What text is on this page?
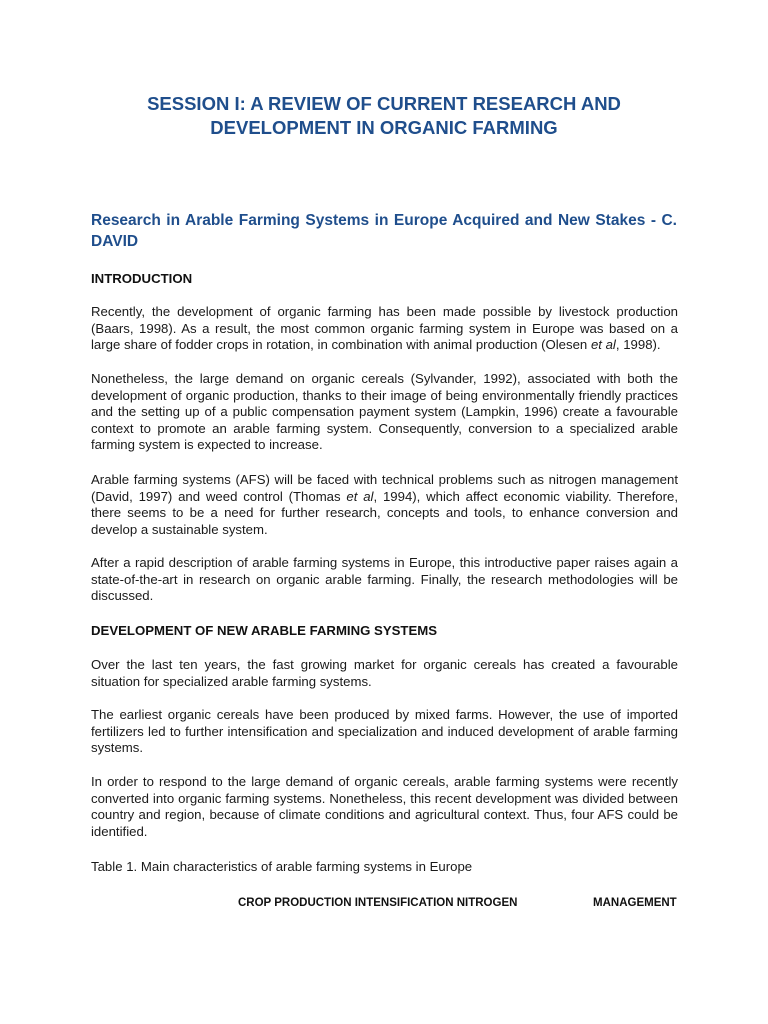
SESSION I: A REVIEW OF CURRENT RESEARCH AND
DEVELOPMENT IN ORGANIC FARMING
Research in Arable Farming Systems in Europe Acquired and New Stakes - C. DAVID
INTRODUCTION

Recently, the development of organic farming has been made possible by livestock production (Baars, 1998). As a result, the most common organic farming system in Europe was based on a large share of fodder crops in rotation, in combination with animal production (Olesen et al, 1998).

Nonetheless, the large demand on organic cereals (Sylvander, 1992), associated with both the development of organic production, thanks to their image of being environmentally friendly practices and the setting up of a public compensation payment system (Lampkin, 1996) create a favourable context to promote an arable farming system. Consequently, conversion to a specialized arable farming system is expected to increase.

Arable farming systems (AFS) will be faced with technical problems such as nitrogen management (David, 1997) and weed control (Thomas et al, 1994), which affect economic viability. Therefore, there seems to be a need for further research, concepts and tools, to enhance conversion and develop a sustainable system.

After a rapid description of arable farming systems in Europe, this introductive paper raises again a state-of-the-art in research on organic arable farming. Finally, the research methodologies will be discussed.

DEVELOPMENT OF NEW ARABLE FARMING SYSTEMS

Over the last ten years, the fast growing market for organic cereals has created a favourable situation for specialized arable farming systems.

The earliest organic cereals have been produced by mixed farms. However, the use of imported fertilizers led to further intensification and specialization and induced development of arable farming systems.

In order to respond to the large demand of organic cereals, arable farming systems were recently converted into organic farming systems. Nonetheless, this recent development was divided between country and region, because of climate conditions and agricultural context. Thus, four AFS could be identified.

Table 1. Main characteristics of arable farming systems in Europe

CROP PRODUCTION INTENSIFICATION NITROGEN	MANAGEMENT
